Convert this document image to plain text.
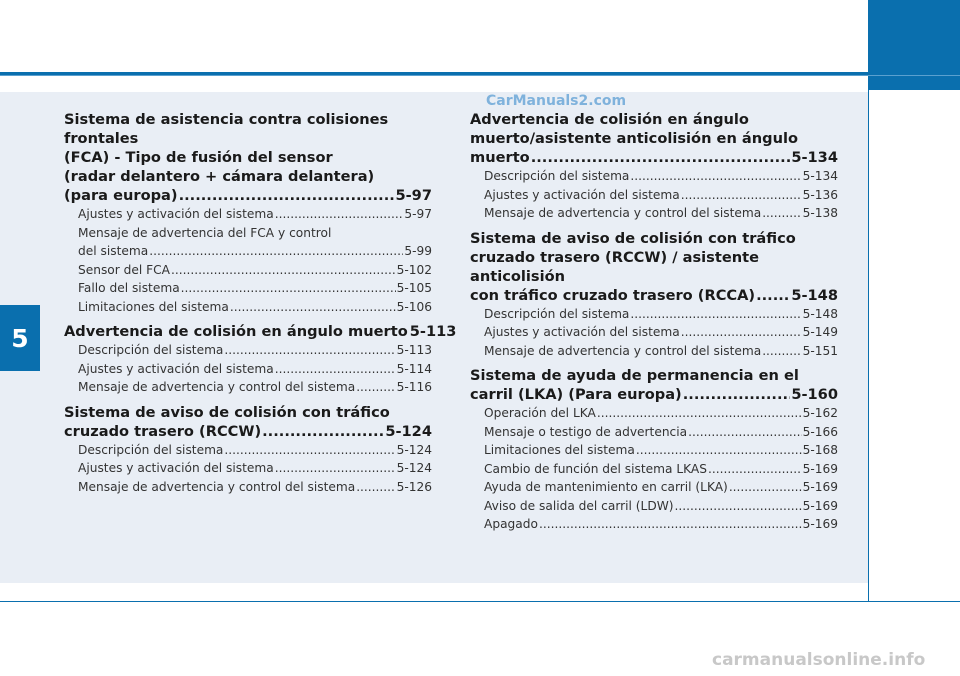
5
Sistema de asistencia contra colisiones frontales
(FCA) - Tipo de fusión del sensor
(radar delantero + cámara delantera)
(para europa) .....	5-97
Ajustes y activación del sistema .....	5-97
Mensaje de advertencia del FCA y control
del sistema .....	5-99
Sensor del FCA .....	5-102
Fallo del sistema .....	5-105
Limitaciones del sistema .....	5-106
Advertencia de colisión en ángulo muerto 5-113
Descripción del sistema .....	5-113
Ajustes y activación del sistema .....	5-114
Mensaje de advertencia y control del sistema .....	5-116
Sistema de aviso de colisión con tráfico
cruzado trasero (RCCW) .....	5-124
Descripción del sistema .....	5-124
Ajustes y activación del sistema .....	5-124
Mensaje de advertencia y control del sistema .....	5-126
Advertencia de colisión en ángulo
muerto/asistente anticolisión en ángulo
muerto .....	5-134
Descripción del sistema .....	5-134
Ajustes y activación del sistema .....	5-136
Mensaje de advertencia y control del sistema .....	5-138
Sistema de aviso de colisión con tráfico
cruzado trasero (RCCW) / asistente anticolisión
con tráfico cruzado trasero (RCCA) ..... 5-148
Descripción del sistema .....	5-148
Ajustes y activación del sistema .....	5-149
Mensaje de advertencia y control del sistema .....	5-151
Sistema de ayuda de permanencia en el
carril (LKA) (Para europa) .....	5-160
Operación del LKA .....	5-162
Mensaje o testigo de advertencia .....	5-166
Limitaciones del sistema .....	5-168
Cambio de función del sistema LKAS .....	5-169
Ayuda de mantenimiento en carril (LKA) .....	5-169
Aviso de salida del carril (LDW) .....	5-169
Apagado .....	5-169
CarManuals2.com
carmanualsonline.info
